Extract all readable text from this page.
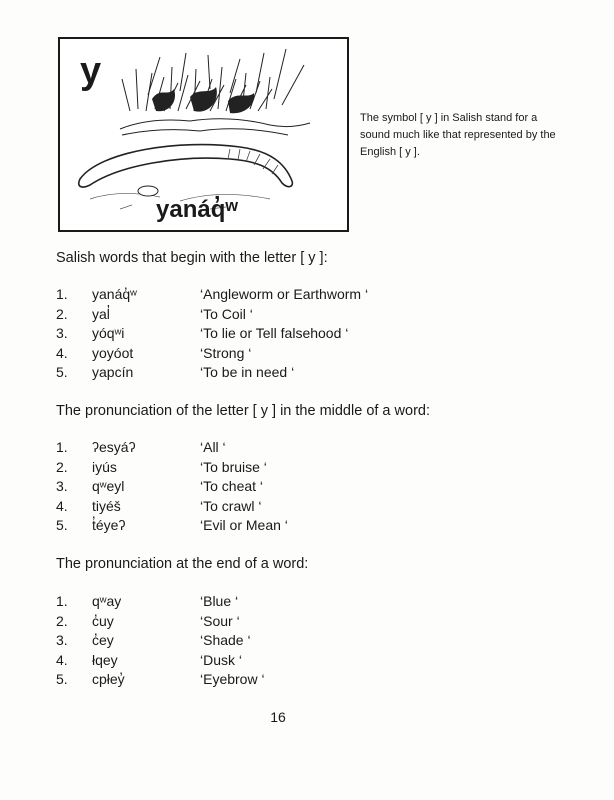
y
yanáq̓ʷ
The symbol [ y ] in Salish stand for a sound much like that represented by the English [ y ].
Salish words that begin with the letter [ y ]:
1. yanáq̓ʷ	‘Angleworm or Earthworm ‘
2. yal̓	‘To Coil ‘
3. yóqʷi	‘To lie or Tell falsehood ‘
4. yoyóot	‘Strong ‘
5. yapcín	‘To be in need ‘
The pronunciation of the letter [ y ] in the middle of a word:
1. ʔesyáʔ	‘All ‘
2. iyús	‘To bruise ‘
3. qʷeyl	‘To cheat ‘
4. tiyéš	‘To crawl ‘
5. t̓éyeʔ	‘Evil or Mean ‘
The pronunciation at the end of a word:
1. qʷay	‘Blue ‘
2. c̓uy	‘Sour ‘
3. c̓ey	‘Shade ‘
4. łqey	‘Dusk ‘
5. cpłey̓	‘Eyebrow ‘
16
